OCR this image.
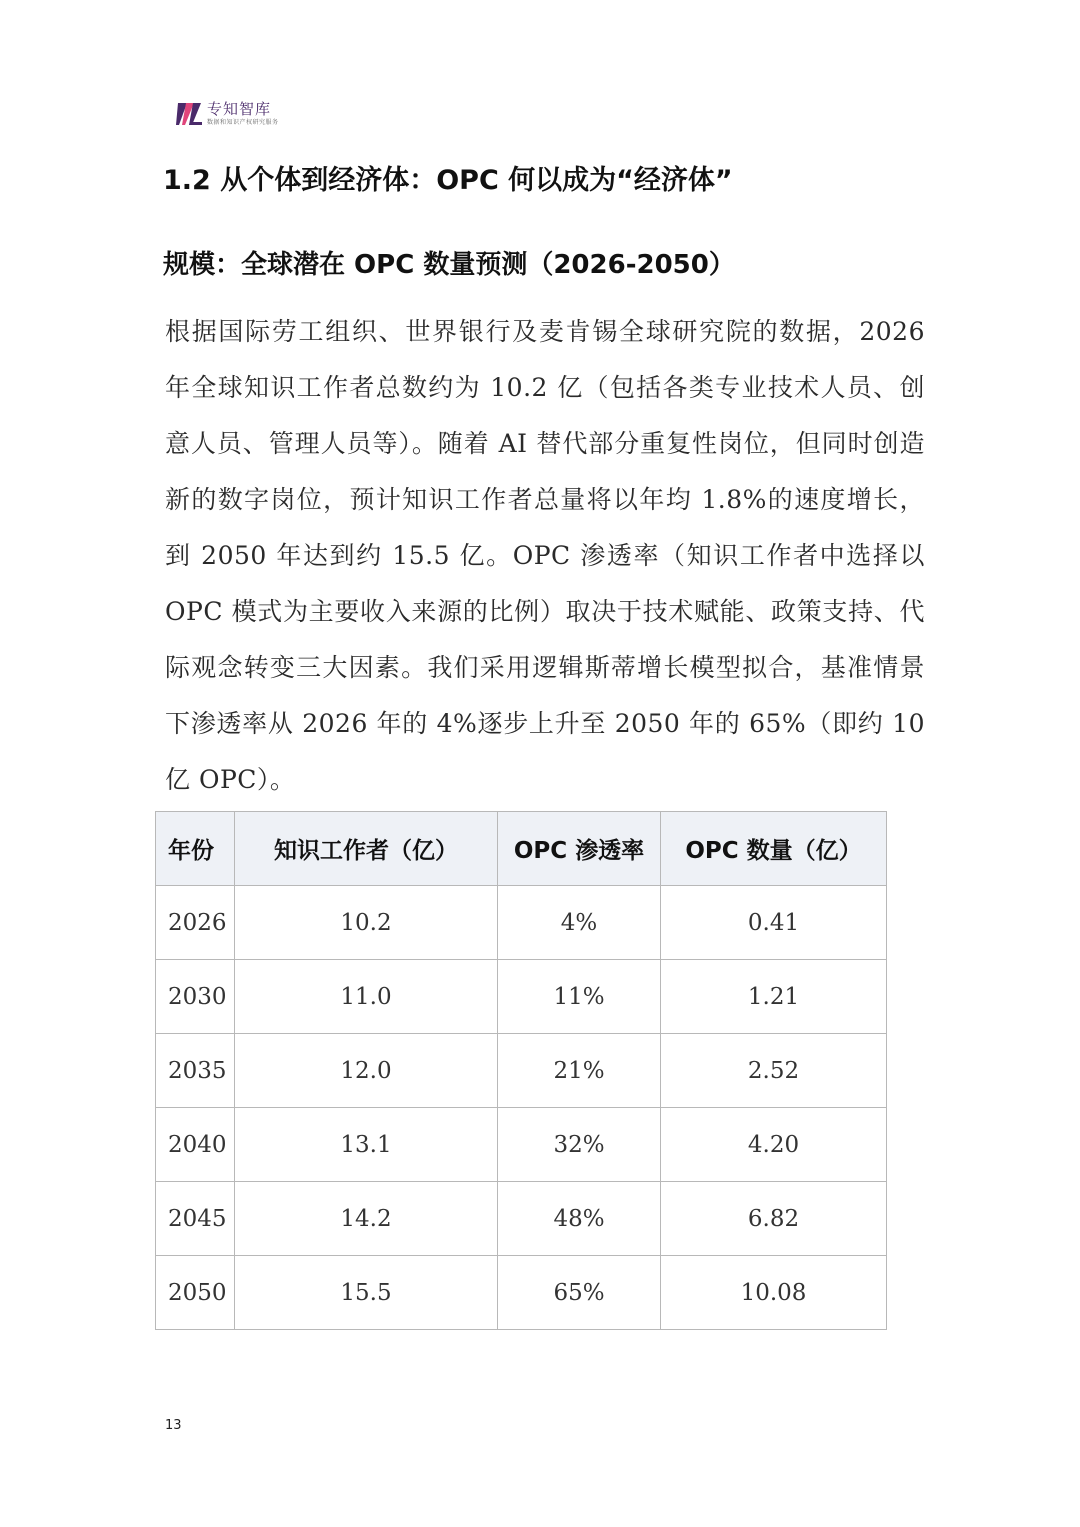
专知智库
数据和知识产权研究服务
1.2 从个体到经济体：OPC 何以成为“经济体”
规模：全球潜在 OPC 数量预测（2026-2050）

根据国际劳工组织、世界银行及麦肯锡全球研究院的数据，2026 年全球知识工作者总数约为 10.2 亿（包括各类专业技术人员、创意人员、管理人员等）。随着 AI 替代部分重复性岗位，但同时创造新的数字岗位，预计知识工作者总量将以年均 1.8%的速度增长，到 2050 年达到约 15.5 亿。OPC 渗透率（知识工作者中选择以 OPC 模式为主要收入来源的比例）取决于技术赋能、政策支持、代际观念转变三大因素。我们采用逻辑斯蒂增长模型拟合，基准情景下渗透率从 2026 年的 4%逐步上升至 2050 年的 65%（即约 10 亿 OPC）。

年份	知识工作者（亿）	OPC 渗透率	OPC 数量（亿）
2026	10.2	4%	0.41
2030	11.0	11%	1.21
2035	12.0	21%	2.52
2040	13.1	32%	4.20
2045	14.2	48%	6.82
2050	15.5	65%	10.08
13
